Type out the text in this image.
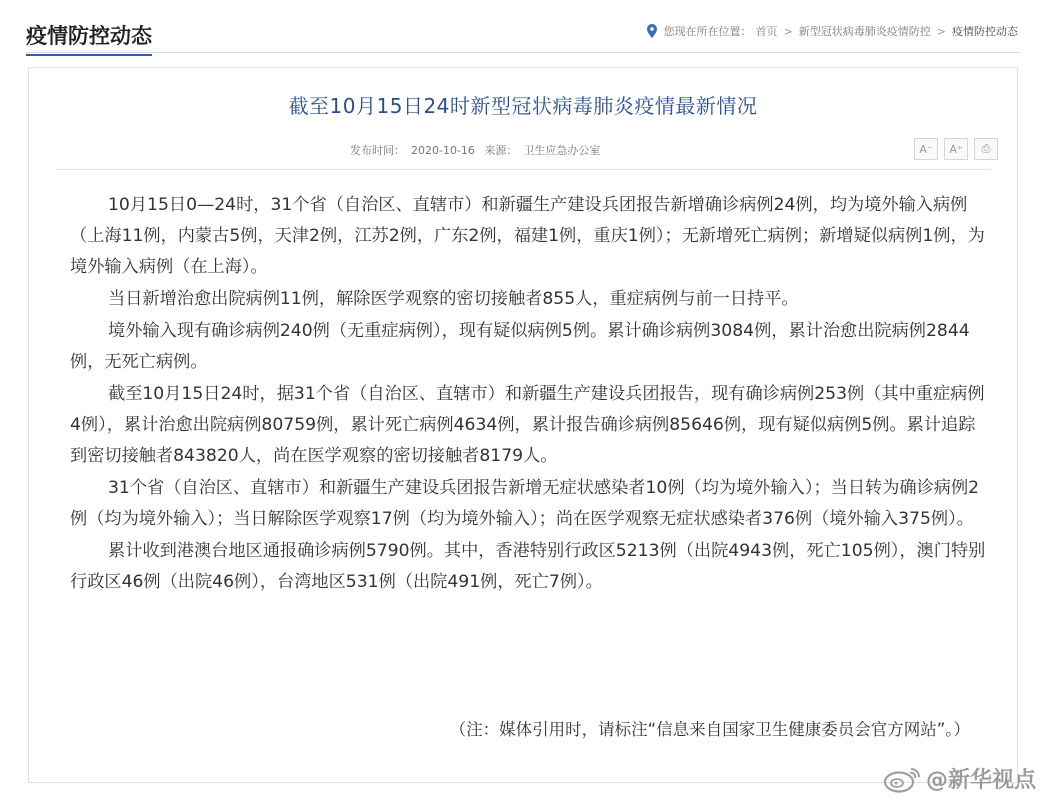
疫情防控动态	您现在所在位置： 首页 > 新型冠状病毒肺炎疫情防控 > 疫情防控动态
截至10月15日24时新型冠状病毒肺炎疫情最新情况
发布时间： 2020-10-16 来源： 卫生应急办公室	A⁻	A⁺	⎙

10月15日0—24时，31个省（自治区、直辖市）和新疆生产建设兵团报告新增确诊病例24例，均为境外输入病例（上海11例，内蒙古5例，天津2例，江苏2例，广东2例，福建1例，重庆1例）；无新增死亡病例；新增疑似病例1例，为境外输入病例（在上海）。

当日新增治愈出院病例11例，解除医学观察的密切接触者855人，重症病例与前一日持平。

境外输入现有确诊病例240例（无重症病例），现有疑似病例5例。累计确诊病例3084例，累计治愈出院病例2844例，无死亡病例。

截至10月15日24时，据31个省（自治区、直辖市）和新疆生产建设兵团报告，现有确诊病例253例（其中重症病例4例），累计治愈出院病例80759例，累计死亡病例4634例，累计报告确诊病例85646例，现有疑似病例5例。累计追踪到密切接触者843820人，尚在医学观察的密切接触者8179人。

31个省（自治区、直辖市）和新疆生产建设兵团报告新增无症状感染者10例（均为境外输入）；当日转为确诊病例2例（均为境外输入）；当日解除医学观察17例（均为境外输入）；尚在医学观察无症状感染者376例（境外输入375例）。

累计收到港澳台地区通报确诊病例5790例。其中，香港特别行政区5213例（出院4943例，死亡105例），澳门特别行政区46例（出院46例），台湾地区531例（出院491例，死亡7例）。

（注：媒体引用时，请标注“信息来自国家卫生健康委员会官方网站”。）
@新华视点
